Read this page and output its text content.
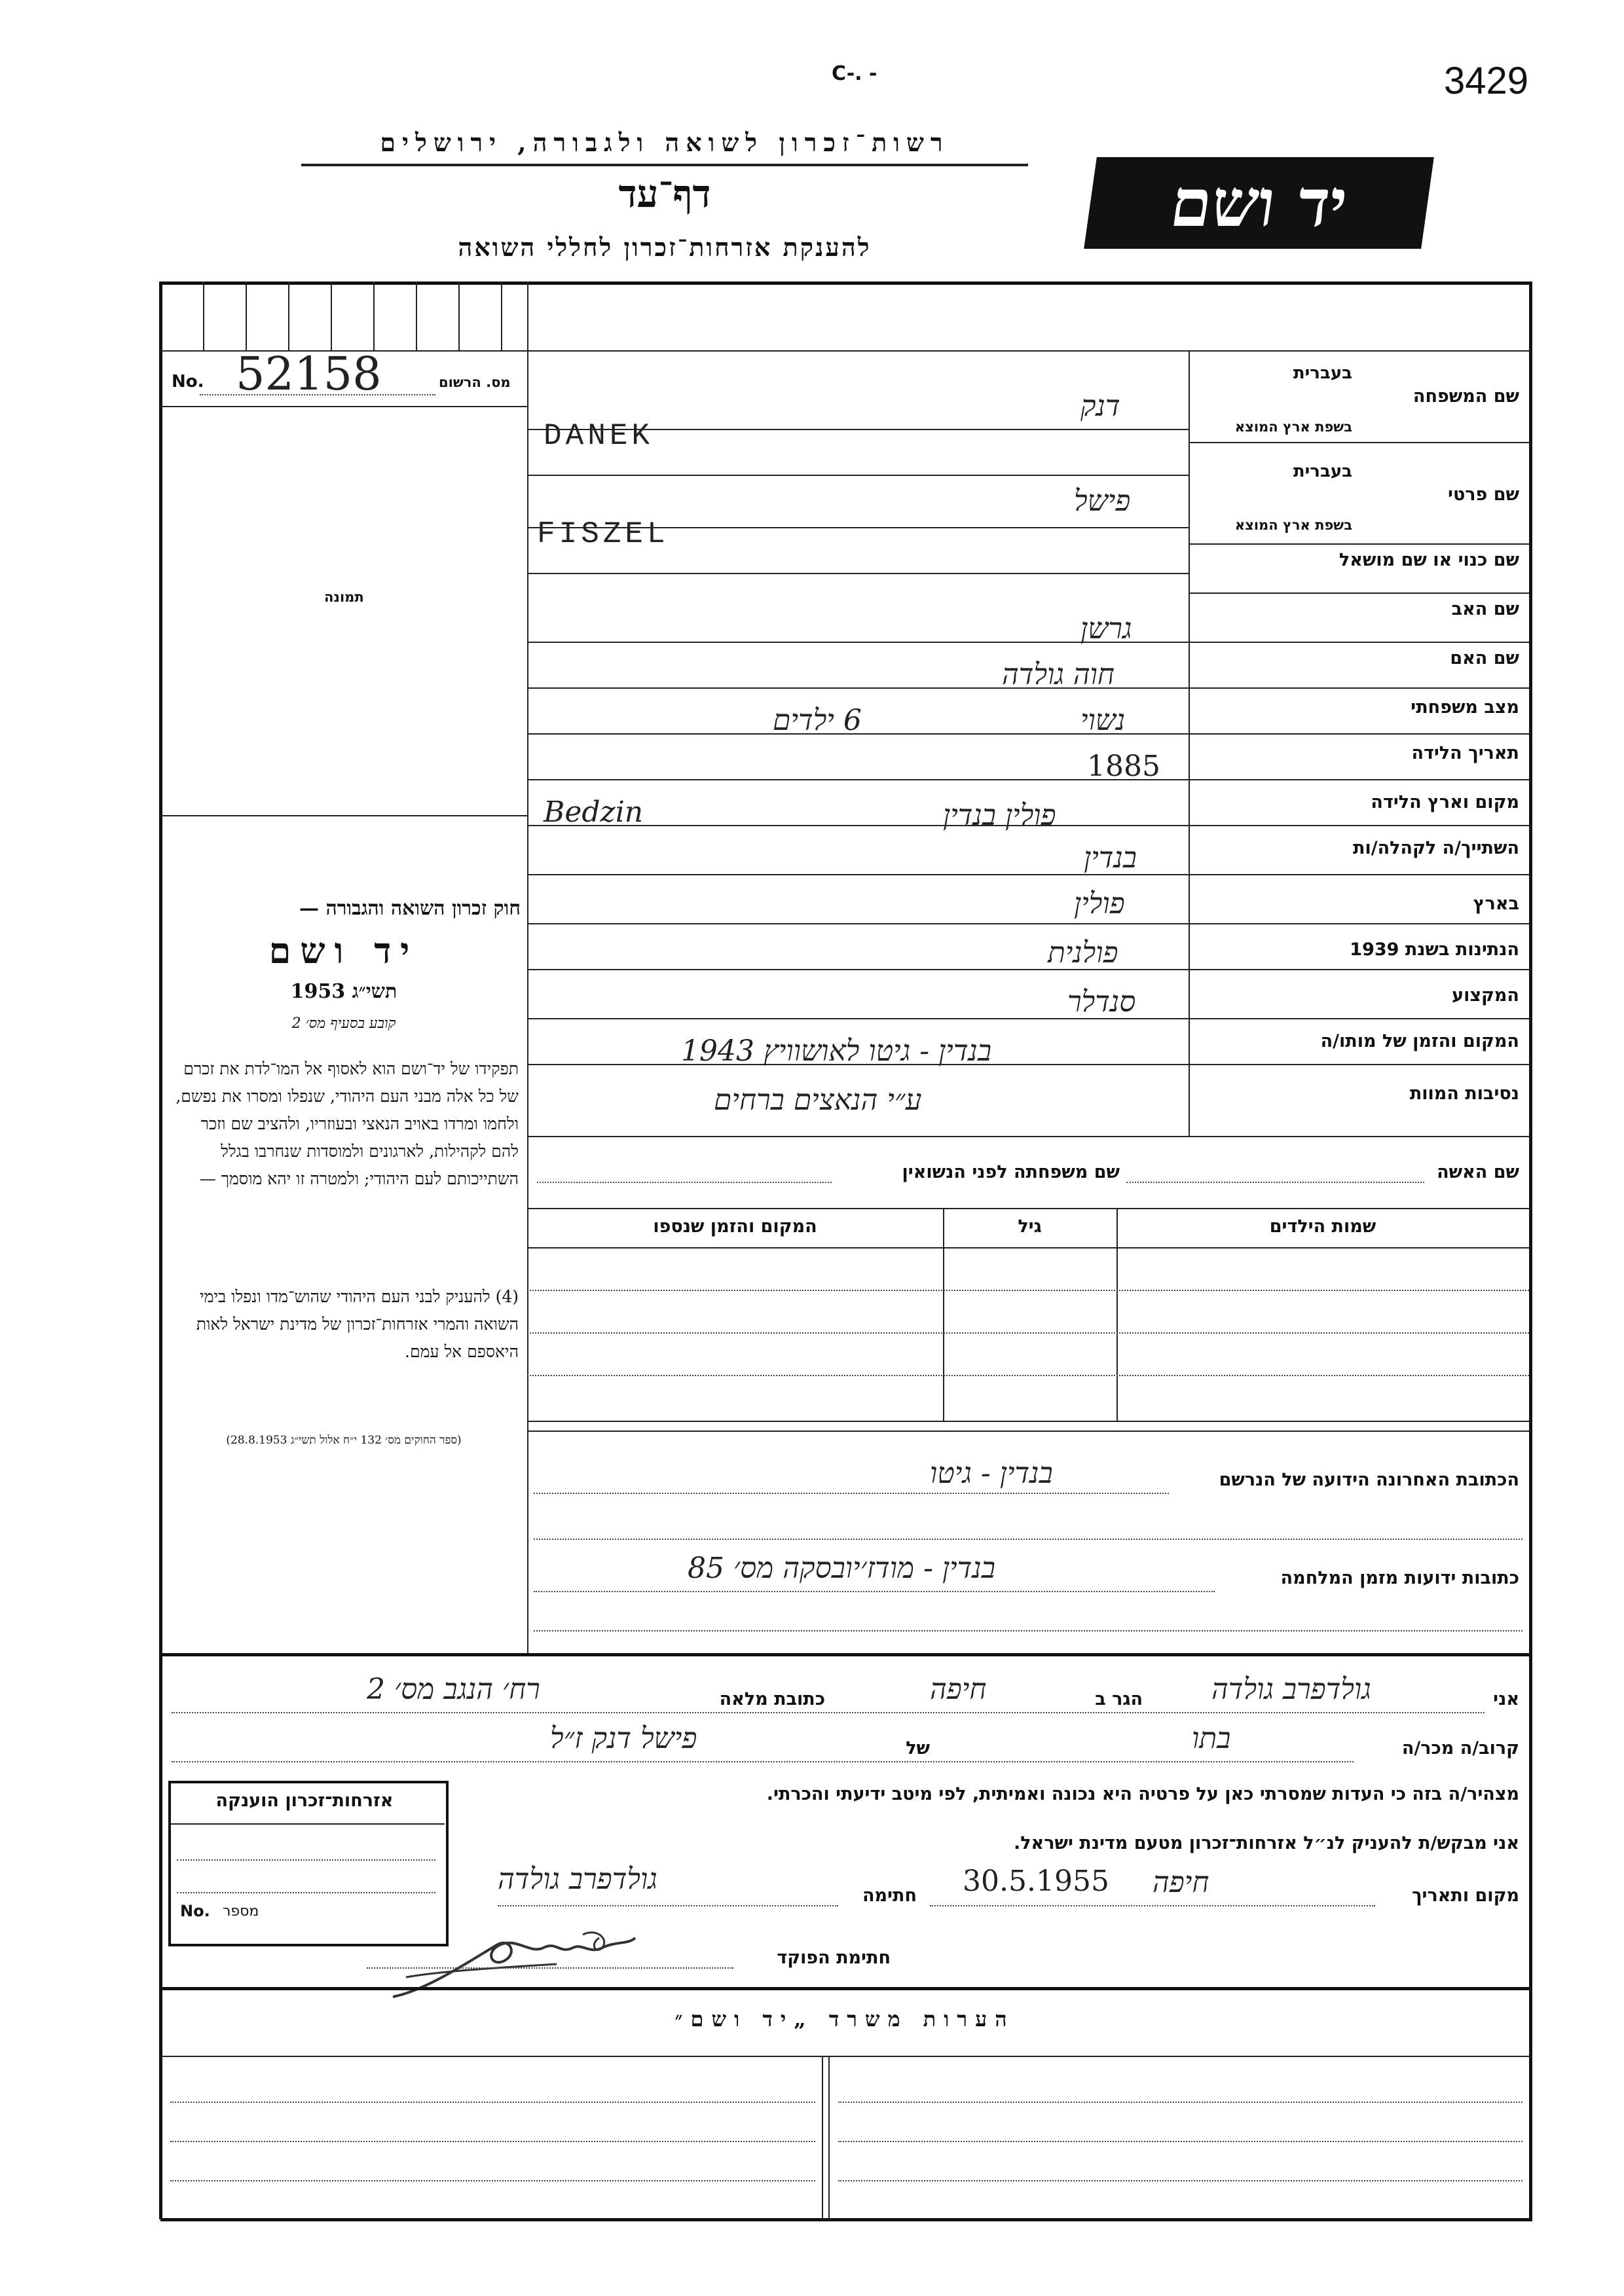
3429
C-. -
רשות־זכרון לשואה ולגבורה, ירושלים
דף־עד
להענקת אזרחות־זכרון לחללי השואה
יד ושם
No. 52158	מס. הרשום
תמונה
בעברית
שם המשפחה
בשפת ארץ המוצא
בעברית
שם פרטי
בשפת ארץ המוצא
שם כנוי או שם מושאל
שם האב
שם האם
מצב משפחתי
תאריך הלידה
מקום וארץ הלידה
השתייך/ה לקהלה/ות
בארץ
הנתינות בשנת 1939
המקצוע
המקום והזמן של מותו/ה
נסיבות המוות
דנק
DANEK
פישל
FISZEL
גרשן
חוה גולדה
נשוי
6 ילדים
1885
פולין בנדין
Bedzin
בנדין
פולין
פולנית
סנדלר
בנדין - גיטו לאושוויץ 1943
ע״י הנאצים ברחים
שם האשה
שם משפחתה לפני הנשואין
שמות הילדים
גיל
המקום והזמן שנספו
חוק זכרון השואה והגבורה —
יד ושם
תשי״ג 1953
קובע בסעיף מס׳ 2
תפקידו של יד־ושם הוא לאסוף אל המו־לדת את זכרם של כל אלה מבני העם היהודי, שנפלו ומסרו את נפשם, ולחמו ומרדו באויב הנאצי ובעוזריו, ולהציב שם וזכר להם לקהילות, לארגונים ולמוסדות שנחרבו בגלל השתייכותם לעם היהודי; ולמטרה זו יהא מוסמך —
(4) להעניק לבני העם היהודי שהוש־מדו ונפלו בימי השואה והמרי אזרחות־זכרון של מדינת ישראל לאות היאספם אל עמם.
(ספר החוקים מס׳ 132 י״ח אלול תשי״ג 28.8.1953)
הכתובת האחרונה הידועה של הנרשם
בנדין - גיטו
כתובות ידועות מזמן המלחמה
בנדין - מודז׳יובסקה מס׳ 85
אני
גולדפרב גולדה
הגר ב
חיפה
כתובת מלאה
רח׳ הנגב מס׳ 2
קרוב/ה מכר/ה
בתו
של
פישל דנק ז״ל
מצהיר/ה בזה כי העדות שמסרתי כאן על פרטיה היא נכונה ואמיתית, לפי מיטב ידיעתי והכרתי.
אני מבקש/ת להעניק לנ״ל אזרחות־זכרון מטעם מדינת ישראל.
מקום ותאריך
חיפה
30.5.1955
חתימה
גולדפרב גולדה
חתימת הפוקד
אזרחות־זכרון הוענקה
No. מספר
הערות משרד „יד ושם״
